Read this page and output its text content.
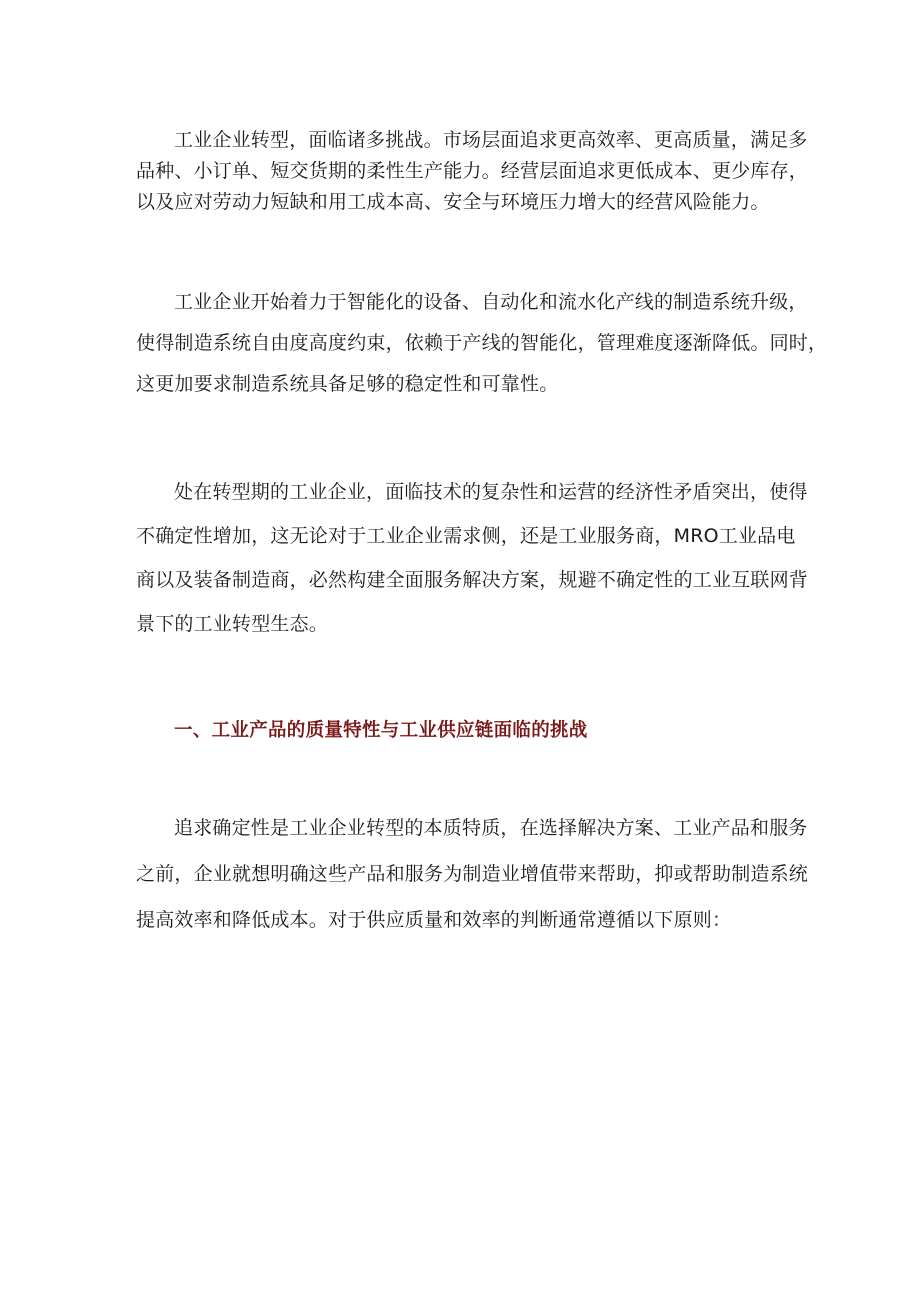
工业企业转型，面临诸多挑战。市场层面追求更高效率、更高质量，满足多
品种、小订单、短交货期的柔性生产能力。经营层面追求更低成本、更少库存，
以及应对劳动力短缺和用工成本高、安全与环境压力增大的经营风险能力。
工业企业开始着力于智能化的设备、自动化和流水化产线的制造系统升级，
使得制造系统自由度高度约束，依赖于产线的智能化，管理难度逐渐降低。同时，
这更加要求制造系统具备足够的稳定性和可靠性。
处在转型期的工业企业，面临技术的复杂性和运营的经济性矛盾突出，使得
不确定性增加，这无论对于工业企业需求侧，还是工业服务商，MRO工业品电
商以及装备制造商，必然构建全面服务解决方案，规避不确定性的工业互联网背
景下的工业转型生态。
一、工业产品的质量特性与工业供应链面临的挑战
追求确定性是工业企业转型的本质特质，在选择解决方案、工业产品和服务
之前，企业就想明确这些产品和服务为制造业增值带来帮助，抑或帮助制造系统
提高效率和降低成本。对于供应质量和效率的判断通常遵循以下原则：
